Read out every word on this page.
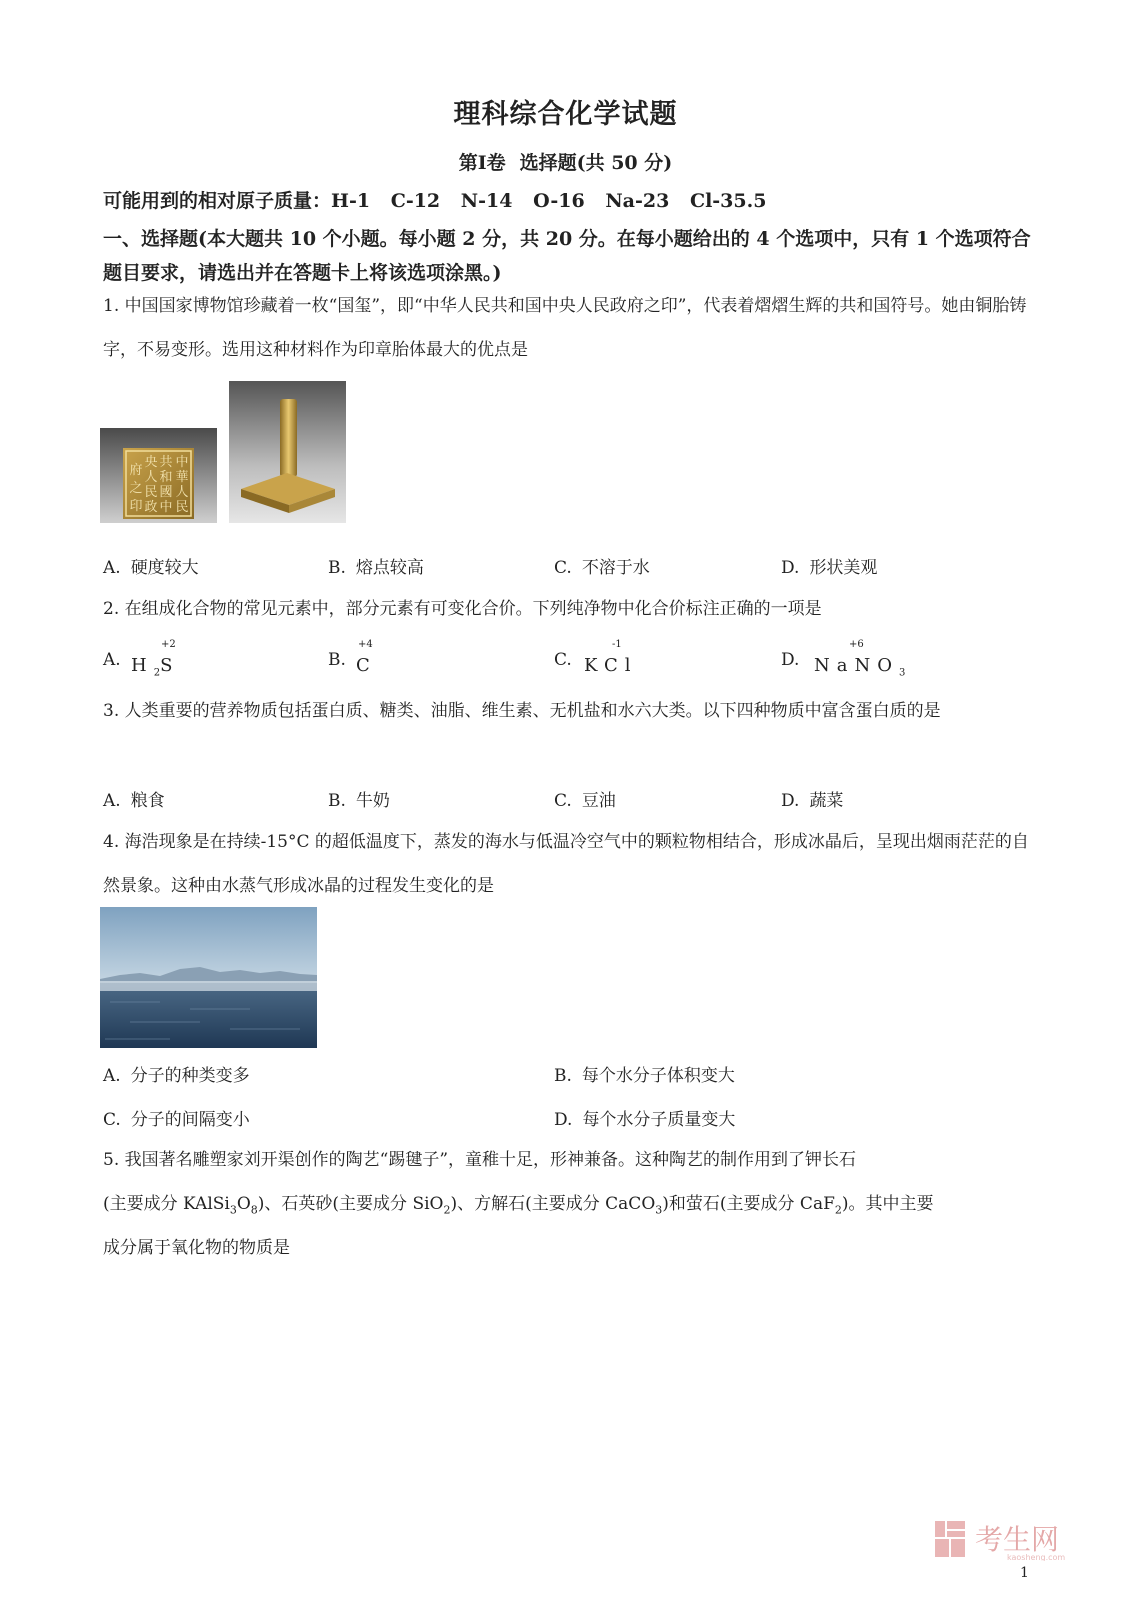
理科综合化学试题
第I卷 选择题(共 50 分)
可能用到的相对原子质量：H-1 C-12 N-14 O-16 Na-23 Cl-35.5
一、选择题(本大题共 10 个小题。每小题 2 分，共 20 分。在每小题给出的 4 个选项中，只有 1 个选项符合题目要求，请选出并在答题卡上将该选项涂黑。)
1. 中国国家博物馆珍藏着一枚“国玺”，即“中华人民共和国中央人民政府之印”，代表着熠熠生辉的共和国符号。她由铜胎铸字，不易变形。选用这种材料作为印章胎体最大的优点是
中
華
人
民
共
和
國
中
央
人
民
政
府
之
印
A. 硬度较大	B. 熔点较高	C. 不溶于水	D. 形状美观
2. 在组成化合物的常见元素中，部分元素有可变化合价。下列纯净物中化合价标注正确的一项是
A. $H_2S$
+2
B. C
+4
C. KCl
-1
D. NaNO$_3$
+6
3. 人类重要的营养物质包括蛋白质、糖类、油脂、维生素、无机盐和水六大类。以下四种物质中富含蛋白质的是
A. 粮食	B. 牛奶	C. 豆油	D. 蔬菜
4. 海浩现象是在持续-15°C 的超低温度下，蒸发的海水与低温冷空气中的颗粒物相结合，形成冰晶后，呈现出烟雨茫茫的自然景象。这种由水蒸气形成冰晶的过程发生变化的是
A. 分子的种类变多	B. 每个水分子体积变大
C. 分子的间隔变小	D. 每个水分子质量变大
5. 我国著名雕塑家刘开渠创作的陶艺“踢毽子”，童稚十足，形神兼备。这种陶艺的制作用到了钾长石
(主要成分 $KAlSi_3O_8$)、石英砂(主要成分 SiO$_2$)、方解石(主要成分 CaCO$_3$)和萤石(主要成分 CaF$_2$)。其中主要
成分属于氧化物的物质是
考生网
kaosheng.com
1
